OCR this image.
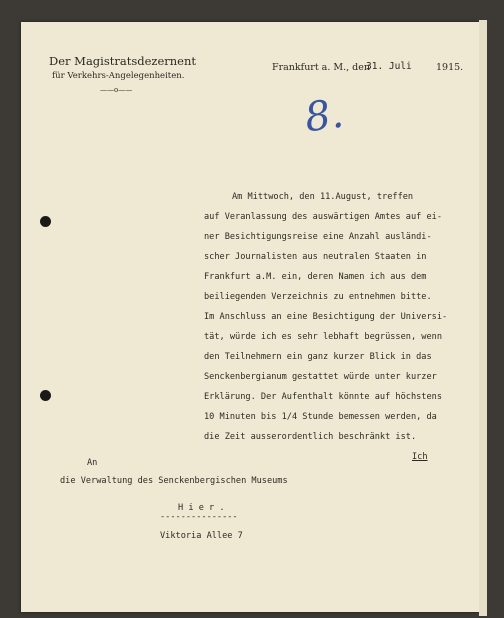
Der Magistratsdezernent
für Verkehrs-Angelegenheiten.
——o——
Frankfurt a. M., den
31. Juli	1915.
8.
Am Mittwoch, den 11.August, treffen
auf Veranlassung des auswärtigen Amtes auf ei-
ner Besichtigungsreise eine Anzahl ausländi-
scher Journalisten aus neutralen Staaten in
Frankfurt a.M. ein, deren Namen ich aus dem
beiliegenden Verzeichnis zu entnehmen bitte.
Im Anschluss an eine Besichtigung der Universi-
tät, würde ich es sehr lebhaft begrüssen, wenn
den Teilnehmern ein ganz kurzer Blick in das
Senckenbergianum gestattet würde unter kurzer
Erklärung. Der Aufenthalt könnte auf höchstens
10 Minuten bis 1/4 Stunde bemessen werden, da
die Zeit ausserordentlich beschränkt ist.
Ich
An
die Verwaltung des Senckenbergischen Museums
H i e r .
---------------
Viktoria Allee 7
